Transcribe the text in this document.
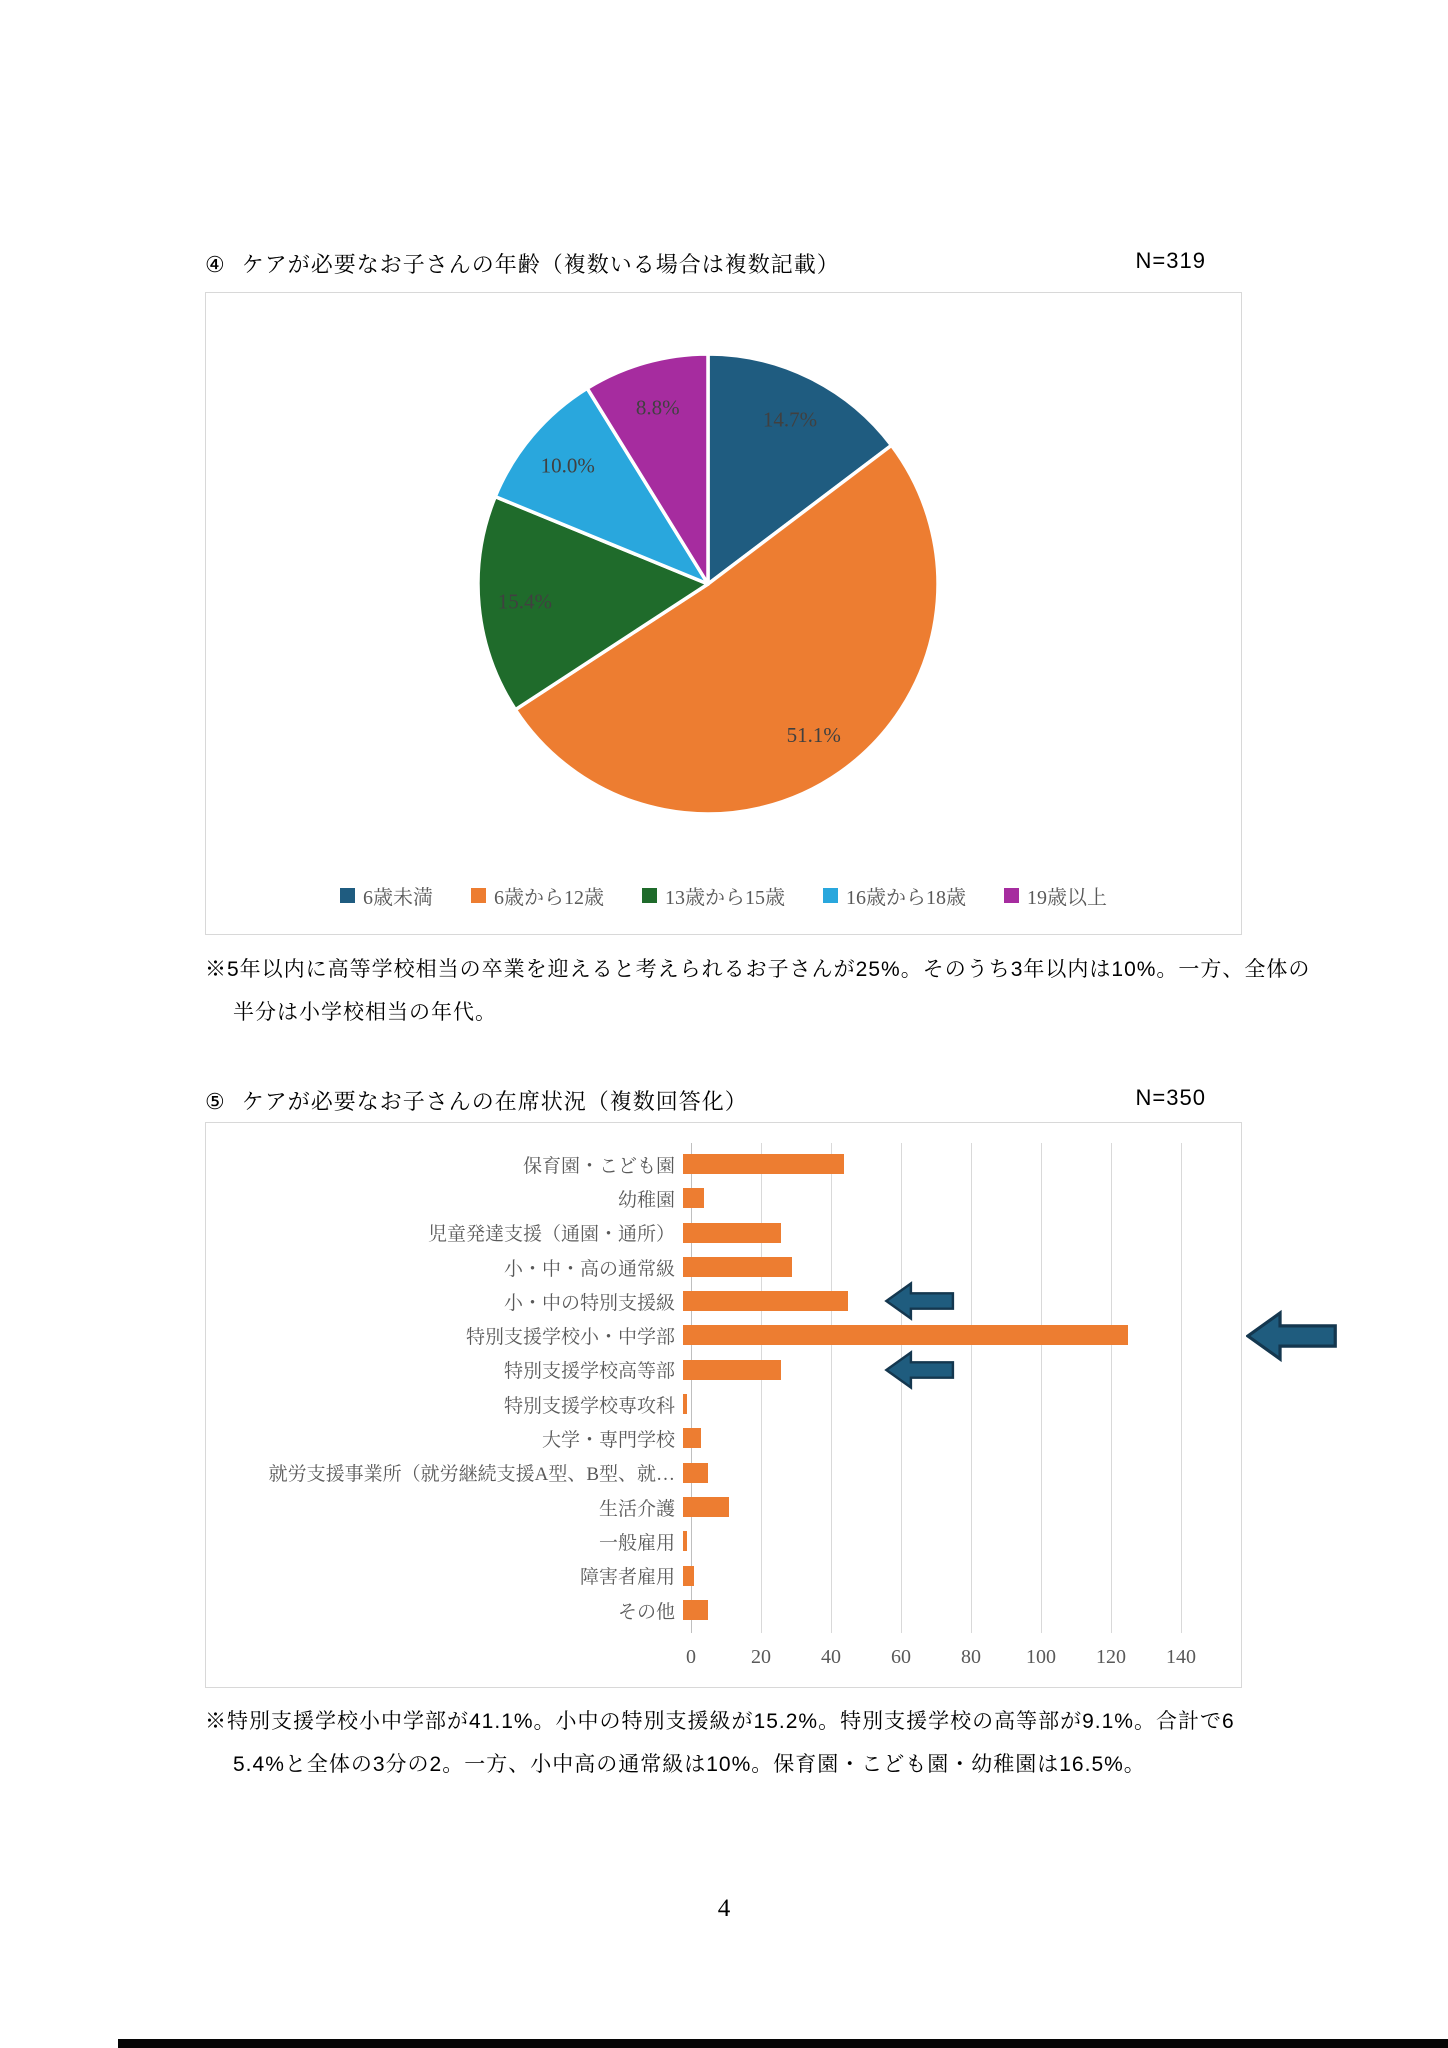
④ ケアが必要なお子さんの年齢（複数いる場合は複数記載）	N=319
14.7%
51.1%
15.4%
10.0%
8.8%
6歳未満	6歳から12歳	13歳から15歳	16歳から18歳	19歳以上
※5年以内に高等学校相当の卒業を迎えると考えられるお子さんが25%。そのうち3年以内は10%。一方、全体の
半分は小学校相当の年代。
⑤ ケアが必要なお子さんの在席状況（複数回答化）	N=350
保育園・こども園
幼稚園
児童発達支援（通園・通所）
小・中・高の通常級
小・中の特別支援級
特別支援学校小・中学部
特別支援学校高等部
特別支援学校専攻科
大学・専門学校
就労支援事業所（就労継続支援A型、B型、就…
生活介護
一般雇用
障害者雇用
その他
0	20	40	60	80	100	120	140
※特別支援学校小中学部が41.1%。小中の特別支援級が15.2%。特別支援学校の高等部が9.1%。合計で6
5.4%と全体の3分の2。一方、小中高の通常級は10%。保育園・こども園・幼稚園は16.5%。
4
